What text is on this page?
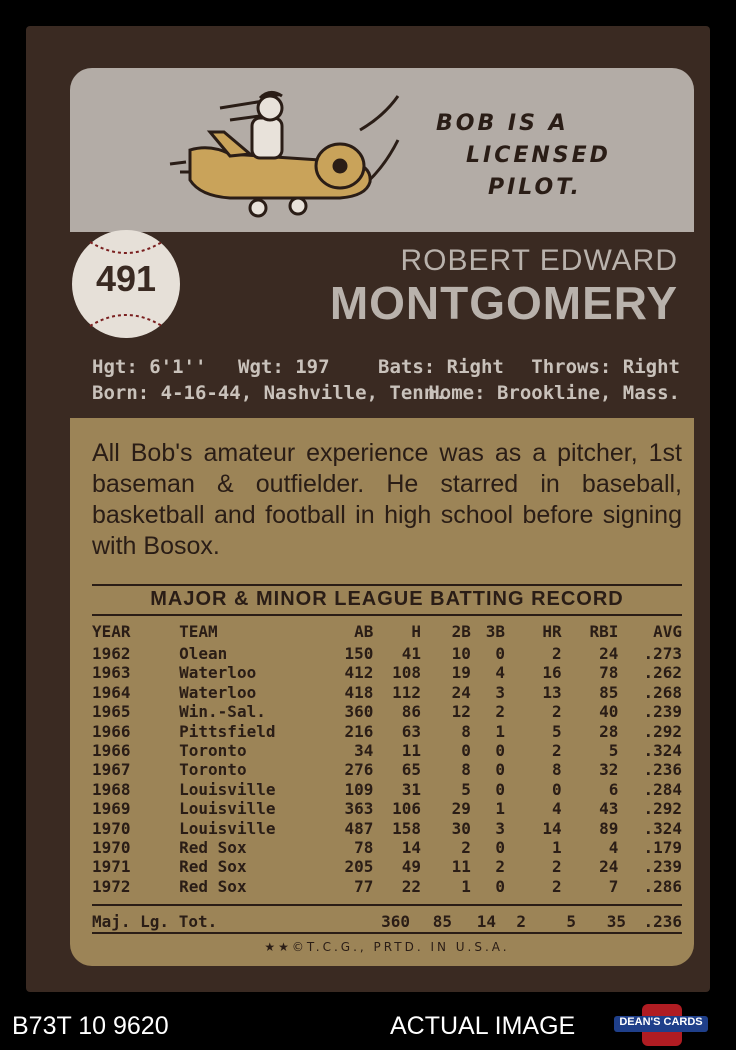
BOB IS A
LICENSED
PILOT.
491	ROBERT EDWARD
MONTGOMERY
Hgt: 6'1'' Wgt: 197	Bats: Right Throws: Right
Born: 4-16-44, Nashville, Tenn.
Home: Brookline, Mass.
All Bob's amateur experience was as a pitcher, 1st baseman & outfielder. He starred in baseball, basketball and football in high school before signing with Bosox.
MAJOR & MINOR LEAGUE BATTING RECORD
YEAR	TEAM	AB	H	2B	3B	HR	RBI	AVG
1962	Olean	150	41	10	0	2	24	.273
1963	Waterloo	412	108	19	4	16	78	.262
1964	Waterloo	418	112	24	3	13	85	.268
1965	Win.-Sal.	360	86	12	2	2	40	.239
1966	Pittsfield	216	63	8	1	5	28	.292
1966	Toronto	34	11	0	0	2	5	.324
1967	Toronto	276	65	8	0	8	32	.236
1968	Louisville	109	31	5	0	0	6	.284
1969	Louisville	363	106	29	1	4	43	.292
1970	Louisville	487	158	30	3	14	89	.324
1970	Red Sox	78	14	2	0	1	4	.179
1971	Red Sox	205	49	11	2	2	24	.239
1972	Red Sox	77	22	1	0	2	7	.286
Maj. Lg. Tot.	360	85	14	2	5	35	.236
★★©T.C.G., PRTD. IN U.S.A.
B73T 10 9620	ACTUAL IMAGE	DEAN'S CARDS
